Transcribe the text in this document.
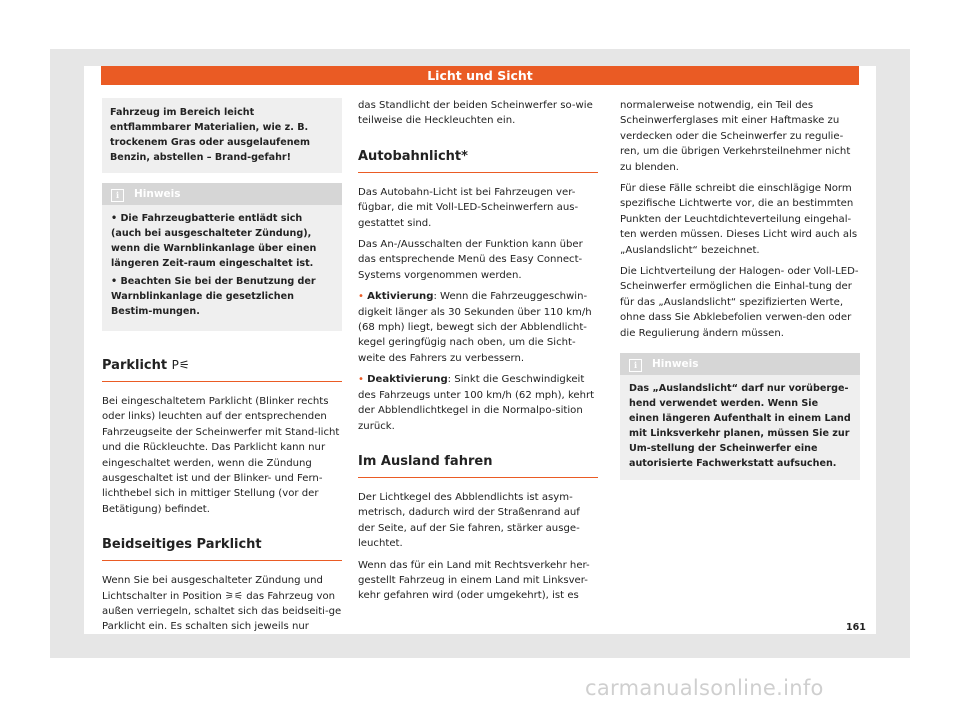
Licht und Sicht
Fahrzeug im Bereich leicht entflammbarer Materialien, wie z. B. trockenem Gras oder ausgelaufenem Benzin, abstellen – Brand-gefahr!
i Hinweis

• Die Fahrzeugbatterie entlädt sich (auch bei ausgeschalteter Zündung), wenn die Warnblinkanlage über einen längeren Zeit-raum eingeschaltet ist.

• Beachten Sie bei der Benutzung der Warnblinkanlage die gesetzlichen Bestim-mungen.

Parklicht P⚟

Bei eingeschaltetem Parklicht (Blinker rechts oder links) leuchten auf der entsprechenden Fahrzeugseite der Scheinwerfer mit Stand-licht und die Rückleuchte. Das Parklicht kann nur eingeschaltet werden, wenn die Zündung ausgeschaltet ist und der Blinker- und Fern-lichthebel sich in mittiger Stellung (vor der Betätigung) befindet.

Beidseitiges Parklicht

Wenn Sie bei ausgeschalteter Zündung und Lichtschalter in Position ⚞⚟ das Fahrzeug von außen verriegeln, schaltet sich das beidseiti-ge Parklicht ein. Es schalten sich jeweils nur

das Standlicht der beiden Scheinwerfer so-wie teilweise die Heckleuchten ein.

Autobahnlicht*

Das Autobahn-Licht ist bei Fahrzeugen ver-fügbar, die mit Voll-LED-Scheinwerfern aus-gestattet sind.

Das An-/Ausschalten der Funktion kann über das entsprechende Menü des Easy Connect-Systems vorgenommen werden.

• Aktivierung: Wenn die Fahrzeuggeschwin-digkeit länger als 30 Sekunden über 110 km/h (68 mph) liegt, bewegt sich der Abblendlicht-kegel geringfügig nach oben, um die Sicht-weite des Fahrers zu verbessern.

• Deaktivierung: Sinkt die Geschwindigkeit des Fahrzeugs unter 100 km/h (62 mph), kehrt der Abblendlichtkegel in die Normalpo-sition zurück.

Im Ausland fahren

Der Lichtkegel des Abblendlichts ist asym-metrisch, dadurch wird der Straßenrand auf der Seite, auf der Sie fahren, stärker ausge-leuchtet.

Wenn das für ein Land mit Rechtsverkehr her-gestellt Fahrzeug in einem Land mit Linksver-kehr gefahren wird (oder umgekehrt), ist es

normalerweise notwendig, ein Teil des Scheinwerferglases mit einer Haftmaske zu verdecken oder die Scheinwerfer zu regulie-ren, um die übrigen Verkehrsteilnehmer nicht zu blenden.

Für diese Fälle schreibt die einschlägige Norm spezifische Lichtwerte vor, die an bestimmten Punkten der Leuchtdichteverteilung eingehal-ten werden müssen. Dieses Licht wird auch als „Auslandslicht“ bezeichnet.

Die Lichtverteilung der Halogen- oder Voll-LED-Scheinwerfer ermöglichen die Einhal-tung der für das „Auslandslicht“ spezifizierten Werte, ohne dass Sie Abklebefolien verwen-den oder die Regulierung ändern müssen.

i Hinweis
Das „Auslandslicht“ darf nur vorüberge-hend verwendet werden. Wenn Sie einen längeren Aufenthalt in einem Land mit Linksverkehr planen, müssen Sie zur Um-stellung der Scheinwerfer eine autorisierte Fachwerkstatt aufsuchen.
161
carmanualsonline.info
